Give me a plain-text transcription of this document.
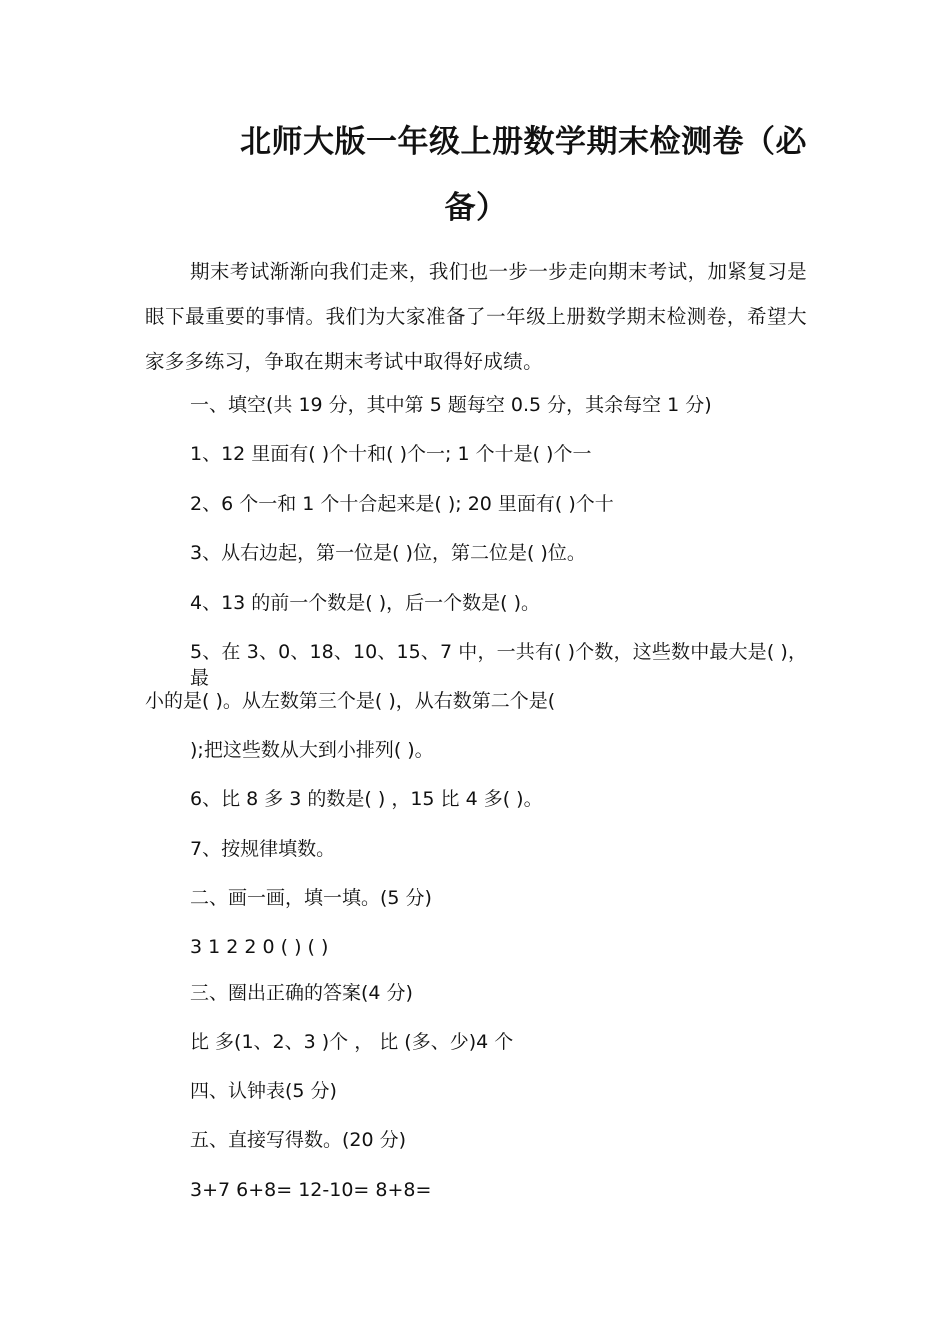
北师大版一年级上册数学期末检测卷（必
备）
期末考试渐渐向我们走来，我们也一步一步走向期末考试，加紧复习是眼下最重要的事情。我们为大家准备了一年级上册数学期末检测卷，希望大家多多练习，争取在期末考试中取得好成绩。
一、填空(共 19 分，其中第 5 题每空 0.5 分，其余每空 1 分)
1、12 里面有( )个十和( )个一; 1 个十是( )个一
2、6 个一和 1 个十合起来是( ); 20 里面有( )个十
3、从右边起，第一位是( )位，第二位是( )位。
4、13 的前一个数是( )，后一个数是( )。
5、在 3、0、18、10、15、7 中，一共有( )个数，这些数中最大是( )，最
小的是( )。从左数第三个是( )，从右数第二个是(
);把这些数从大到小排列( )。
6、比 8 多 3 的数是( ) ，15 比 4 多( )。
7、按规律填数。
二、画一画，填一填。(5 分)
3 1 2 2 0 ( ) ( )
三、圈出正确的答案(4 分)
比 多(1、2、3 )个 ， 比 (多、少)4 个
四、认钟表(5 分)
五、直接写得数。(20 分)
3+7 6+8= 12-10= 8+8=
